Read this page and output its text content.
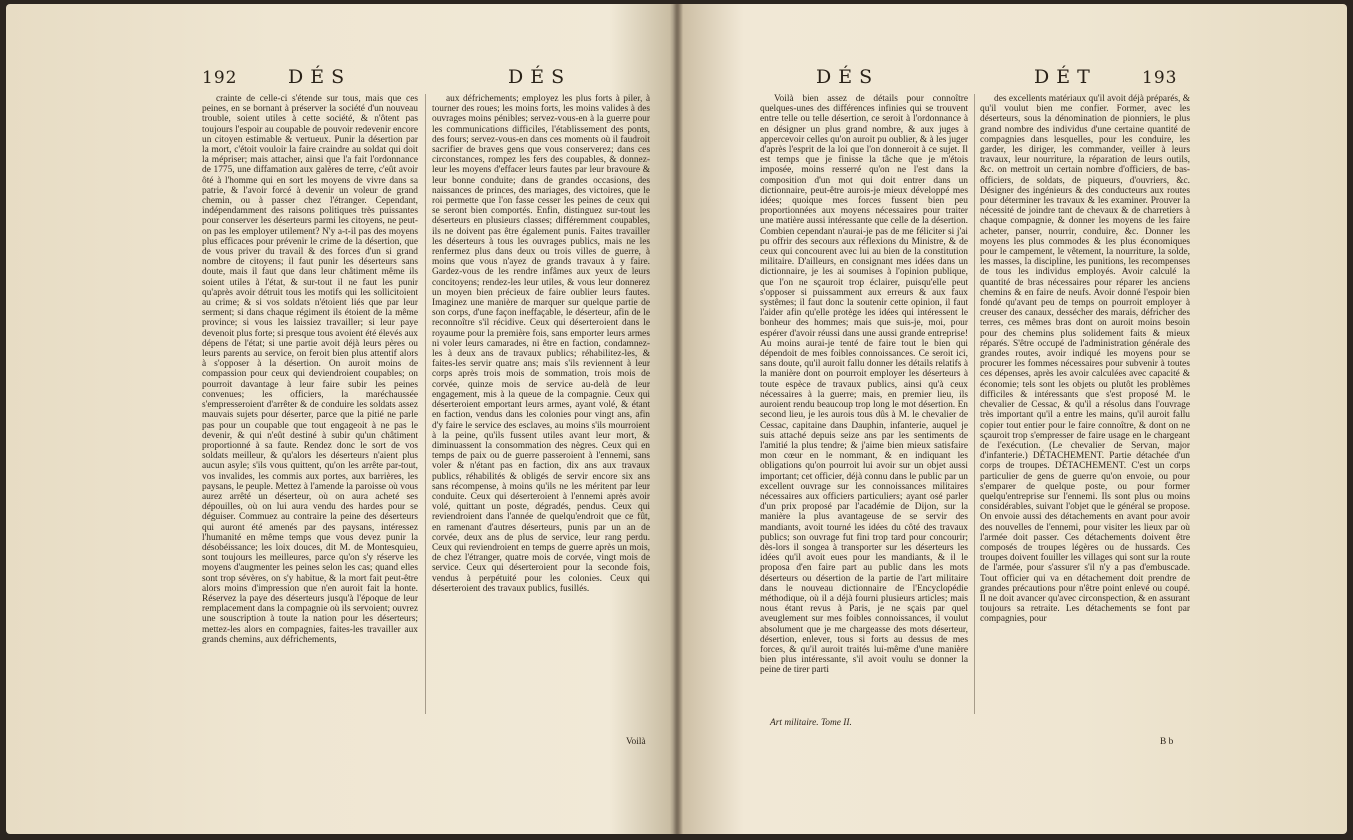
192	DÉS	DÉS

crainte de celle-ci s'étende sur tous, mais que ces peines, en se bornant à préserver la société d'un nouveau trouble, soient utiles à cette société, & n'ôtent pas toujours l'espoir au coupable de pouvoir redevenir encore un citoyen estimable & vertueux. Punir la désertion par la mort, c'étoit vouloir la faire craindre au soldat qui doit la mépriser; mais attacher, ainsi que l'a fait l'ordonnance de 1775, une diffamation aux galères de terre, c'eût avoir ôté à l'homme qui en sort les moyens de vivre dans sa patrie, & l'avoir forcé à devenir un voleur de grand chemin, ou à passer chez l'étranger. Cependant, indépendamment des raisons politiques très puissantes pour conserver les déserteurs parmi les citoyens, ne peut-on pas les employer utilement? N'y a-t-il pas des moyens plus efficaces pour prévenir le crime de la désertion, que de vous priver du travail & des forces d'un si grand nombre de citoyens; il faut punir les déserteurs sans doute, mais il faut que dans leur châtiment même ils soient utiles à l'état, & sur-tout il ne faut les punir qu'après avoir détruit tous les motifs qui les sollicitoient au crime; & si vos soldats n'étoient liés que par leur serment; si dans chaque régiment ils étoient de la même province; si vous les laissiez travailler; si leur paye devenoit plus forte; si presque tous avoient été élevés aux dépens de l'état; si une partie avoit déjà leurs pères ou leurs parents au service, on feroit bien plus attentif alors à s'opposer à la désertion. On auroit moins de compassion pour ceux qui deviendroient coupables; on pourroit davantage à leur faire subir les peines convenues; les officiers, la maréchaussée s'empresseroient d'arrêter & de conduire les soldats assez mauvais sujets pour déserter, parce que la pitié ne parle pas pour un coupable que tout engageoit à ne pas le devenir, & qui n'eût destiné à subir qu'un châtiment proportionné à sa faute. Rendez donc le sort de vos soldats meilleur, & qu'alors les déserteurs n'aient plus aucun asyle; s'ils vous quittent, qu'on les arrête par-tout, vos invalides, les commis aux portes, aux barrières, les paysans, le peuple. Mettez à l'amende la paroisse où vous aurez arrêté un déserteur, où on aura acheté ses dépouilles, où on lui aura vendu des hardes pour se déguiser. Commuez au contraire la peine des déserteurs qui auront été amenés par des paysans, intéressez l'humanité en même temps que vous devez punir la désobéissance; les loix douces, dit M. de Montesquieu, sont toujours les meilleures, parce qu'on s'y réserve les moyens d'augmenter les peines selon les cas; quand elles sont trop sévères, on s'y habitue, & la mort fait peut-être alors moins d'impression que n'en auroit fait la honte. Réservez la paye des déserteurs jusqu'à l'époque de leur remplacement dans la compagnie où ils servoient; ouvrez une souscription à toute la nation pour les déserteurs; mettez-les alors en compagnies, faites-les travailler aux grands chemins, aux défrichements,

aux défrichements; employez les plus forts à piler, à tourner des roues; les moins forts, les moins valides à des ouvrages moins pénibles; servez-vous-en à la guerre pour les communications difficiles, l'établissement des ponts, des fours; servez-vous-en dans ces moments où il faudroit sacrifier de braves gens que vous conserverez; dans ces circonstances, rompez les fers des coupables, & donnez-leur les moyens d'effacer leurs fautes par leur bravoure & leur bonne conduite; dans de grandes occasions, des naissances de princes, des mariages, des victoires, que le roi permette que l'on fasse cesser les peines de ceux qui se seront bien comportés. Enfin, distinguez sur-tout les déserteurs en plusieurs classes; différemment coupables, ils ne doivent pas être également punis. Faites travailler les déserteurs à tous les ouvrages publics, mais ne les renfermez plus dans deux ou trois villes de guerre, à moins que vous n'ayez de grands travaux à y faire. Gardez-vous de les rendre infâmes aux yeux de leurs concitoyens; rendez-les leur utiles, & vous leur donnerez un moyen bien précieux de faire oublier leurs fautes. Imaginez une manière de marquer sur quelque partie de son corps, d'une façon ineffaçable, le déserteur, afin de le reconnoître s'il récidive. Ceux qui déserteroient dans le royaume pour la première fois, sans emporter leurs armes ni voler leurs camarades, ni être en faction, condamnez-les à deux ans de travaux publics; réhabilitez-les, & faites-les servir quatre ans; mais s'ils reviennent à leur corps après trois mois de sommation, trois mois de corvée, quinze mois de service au-delà de leur engagement, mis à la queue de la compagnie. Ceux qui déserteroient emportant leurs armes, ayant volé, & étant en faction, vendus dans les colonies pour vingt ans, afin d'y faire le service des esclaves, au moins s'ils mourroient à la peine, qu'ils fussent utiles avant leur mort, & diminuassent la consommation des nègres. Ceux qui en temps de paix ou de guerre passeroient à l'ennemi, sans voler & n'étant pas en faction, dix ans aux travaux publics, réhabilités & obligés de servir encore six ans sans récompense, à moins qu'ils ne les méritent par leur conduite. Ceux qui déserteroient à l'ennemi après avoir volé, quittant un poste, dégradés, pendus. Ceux qui reviendroient dans l'année de quelqu'endroit que ce fût, en ramenant d'autres déserteurs, punis par un an de corvée, deux ans de plus de service, leur rang perdu. Ceux qui reviendroient en temps de guerre après un mois, de chez l'étranger, quatre mois de corvée, vingt mois de service. Ceux qui déserteroient pour la seconde fois, vendus à perpétuité pour les colonies. Ceux qui déserteroient des travaux publics, fusillés.

Voilà
DÉS	DÉT	193

Voilà bien assez de détails pour connoître quelques-unes des différences infinies qui se trouvent entre telle ou telle désertion, ce seroit à l'ordonnance à en désigner un plus grand nombre, & aux juges à appercevoir celles qu'on auroit pu oublier, & à les juger d'après l'esprit de la loi que l'on donneroit à ce sujet. Il est temps que je finisse la tâche que je m'étois imposée, moins resserré qu'on ne l'est dans la composition d'un mot qui doit entrer dans un dictionnaire, peut-être aurois-je mieux développé mes idées; quoique mes forces fussent bien peu proportionnées aux moyens nécessaires pour traiter une matière aussi intéressante que celle de la désertion. Combien cependant n'aurai-je pas de me féliciter si j'ai pu offrir des secours aux réflexions du Ministre, & de ceux qui concourent avec lui au bien de la constitution militaire. D'ailleurs, en consignant mes idées dans un dictionnaire, je les ai soumises à l'opinion publique, que l'on ne sçauroit trop éclairer, puisqu'elle peut s'opposer si puissamment aux erreurs & aux faux systêmes; il faut donc la soutenir cette opinion, il faut l'aider afin qu'elle protège les idées qui intéressent le bonheur des hommes; mais que suis-je, moi, pour espérer d'avoir réussi dans une aussi grande entreprise! Au moins aurai-je tenté de faire tout le bien qui dépendoit de mes foibles connoissances. Ce seroit ici, sans doute, qu'il auroit fallu donner les détails relatifs à la manière dont on pourroit employer les déserteurs à toute espèce de travaux publics, ainsi qu'à ceux nécessaires à la guerre; mais, en premier lieu, ils auroient rendu beaucoup trop long le mot désertion. En second lieu, je les aurois tous dûs à M. le chevalier de Cessac, capitaine dans Dauphin, infanterie, auquel je suis attaché depuis seize ans par les sentiments de l'amitié la plus tendre; & j'aime bien mieux satisfaire mon cœur en le nommant, & en indiquant les obligations qu'on pourroit lui avoir sur un objet aussi important; cet officier, déjà connu dans le public par un excellent ouvrage sur les connoissances militaires nécessaires aux officiers particuliers; ayant osé parler d'un prix proposé par l'académie de Dijon, sur la manière la plus avantageuse de se servir des mandiants, avoit tourné les idées du côté des travaux publics; son ouvrage fut fini trop tard pour concourir; dès-lors il songea à transporter sur les déserteurs les idées qu'il avoit eues pour les mandiants, & il le proposa d'en faire part au public dans les mots déserteurs ou désertion de la partie de l'art militaire dans le nouveau dictionnaire de l'Encyclopédie méthodique, où il a déjà fourni plusieurs articles; mais nous étant revus à Paris, je ne sçais par quel aveuglement sur mes foibles connoissances, il voulut absolument que je me chargeasse des mots déserteur, désertion, enlever, tous si forts au dessus de mes forces, & qu'il auroit traités lui-même d'une manière bien plus intéressante, s'il avoit voulu se donner la peine de tirer parti

des excellents matériaux qu'il avoit déjà préparés, & qu'il voulut bien me confier. Former, avec les déserteurs, sous la dénomination de pionniers, le plus grand nombre des individus d'une certaine quantité de compagnies dans lesquelles, pour les conduire, les garder, les diriger, les commander, veiller à leurs travaux, leur nourriture, la réparation de leurs outils, &c. on mettroit un certain nombre d'officiers, de bas-officiers, de soldats, de piqueurs, d'ouvriers, &c. Désigner des ingénieurs & des conducteurs aux routes pour déterminer les travaux & les examiner. Prouver la nécessité de joindre tant de chevaux & de charretiers à chaque compagnie, & donner les moyens de les faire acheter, panser, nourrir, conduire, &c. Donner les moyens les plus commodes & les plus économiques pour le campement, le vêtement, la nourriture, la solde, les masses, la discipline, les punitions, les recompenses de tous les individus employés. Avoir calculé la quantité de bras nécessaires pour réparer les anciens chemins & en faire de neufs. Avoir donné l'espoir bien fondé qu'avant peu de temps on pourroit employer à creuser des canaux, dessécher des marais, défricher des terres, ces mêmes bras dont on auroit moins besoin pour des chemins plus solidement faits & mieux réparés. S'être occupé de l'administration générale des grandes routes, avoir indiqué les moyens pour se procurer les fommes nécessaires pour subvenir à toutes ces dépenses, après les avoir calculées avec capacité & économie; tels sont les objets ou plutôt les problèmes difficiles & intéressants que s'est proposé M. le chevalier de Cessac, & qu'il a résolus dans l'ouvrage très important qu'il a entre les mains, qu'il auroit fallu copier tout entier pour le faire connoître, & dont on ne sçauroit trop s'empresser de faire usage en le chargeant de l'exécution. (Le chevalier de Servan, major d'infanterie.) DÉTACHEMENT. Partie détachée d'un corps de troupes. DÉTACHEMENT. C'est un corps particulier de gens de guerre qu'on envoie, ou pour s'emparer de quelque poste, ou pour former quelqu'entreprise sur l'ennemi. Ils sont plus ou moins considérables, suivant l'objet que le général se propose. On envoie aussi des détachements en avant pour avoir des nouvelles de l'ennemi, pour visiter les lieux par où l'armée doit passer. Ces détachements doivent être composés de troupes légères ou de hussards. Ces troupes doivent fouiller les villages qui sont sur la route de l'armée, pour s'assurer s'il n'y a pas d'embuscade. Tout officier qui va en détachement doit prendre de grandes précautions pour n'être point enlevé ou coupé. Il ne doit avancer qu'avec circonspection, & en assurant toujours sa retraite. Les détachements se font par compagnies, pour

Art militaire. Tome II.
B b
